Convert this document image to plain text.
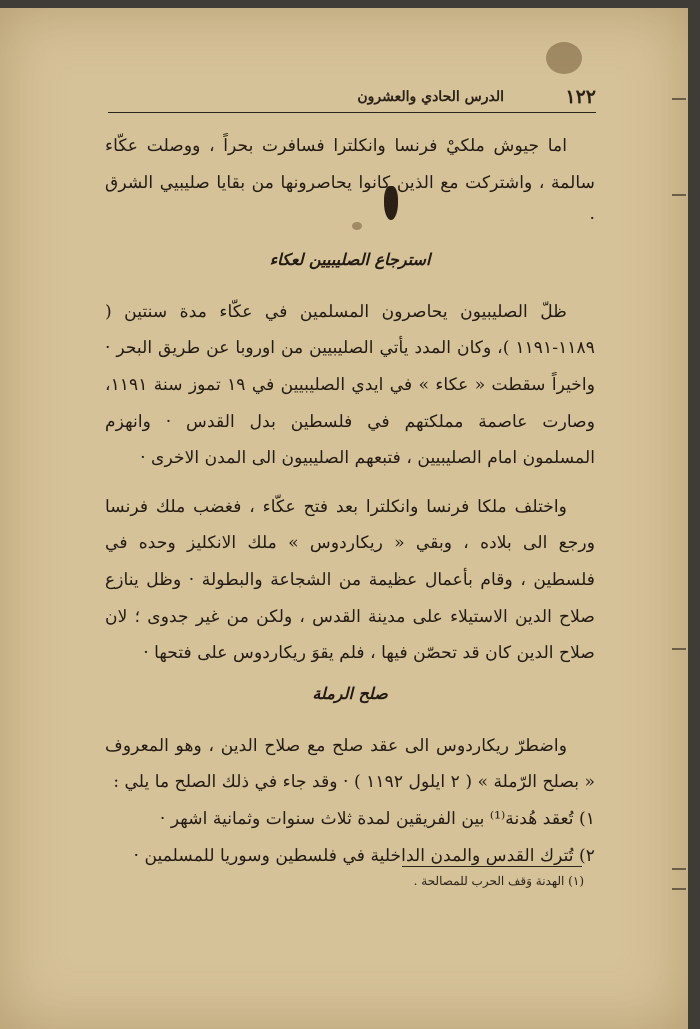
١٢٢
الدرس الحادي والعشرون

اما جيوش ملكيْ فرنسا وانكلترا فسافرت بحراً ، ووصلت عكّاء سالمة ، واشتركت مع الذين كانوا يحاصرونها من بقايا صليبيي الشرق ·

استرجاع الصليبيين لعكاء

ظلّ الصليبيون يحاصرون المسلمين في عكّاء مدة سنتين ( ١١٨٩-١١٩١ )، وكان المدد يأتي الصليبيين من اوروبا عن طريق البحر · واخيراً سقطت « عكاء » في ايدي الصليبيين في ١٩ تموز سنة ١١٩١، وصارت عاصمة مملكتهم في فلسطين بدل القدس · وانهزم المسلمون امام الصليبيين ، فتبعهم الصليبيون الى المدن الاخرى ·

واختلف ملكا فرنسا وانكلترا بعد فتح عكّاء ، فغضب ملك فرنسا ورجع الى بلاده ، وبقي « ريكاردوس » ملك الانكليز وحده في فلسطين ، وقام بأعمال عظيمة من الشجاعة والبطولة · وظل ينازع صلاح الدين الاستيلاء على مدينة القدس ، ولكن من غير جدوى ؛ لان صلاح الدين كان قد تحصّن فيها ، فلم يقوَ ريكاردوس على فتحها ·

صلح الرملة

واضطرّ ريكاردوس الى عقد صلح مع صلاح الدين ، وهو المعروف « بصلح الرّملة » ( ٢ ايلول ١١٩٢ ) · وقد جاء في ذلك الصلح ما يلي :

١) تُعقد هُدنة⁽¹⁾ بين الفريقين لمدة ثلاث سنوات وثمانية اشهر ·

٢) تُترك القدس والمدن الداخلية في فلسطين وسوريا للمسلمين ·

(١) الهدنة وَقف الحرب للمصالحة .
